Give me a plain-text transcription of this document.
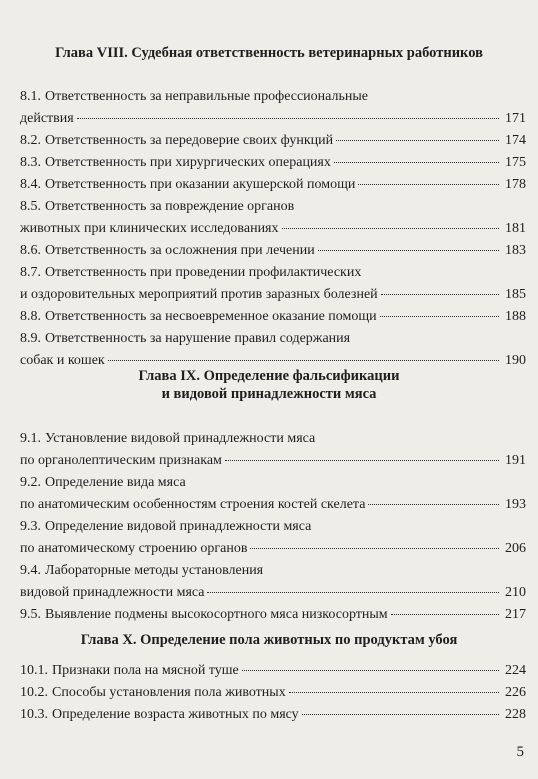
Глава VIII. Судебная ответственность ветеринарных работников
8.1. Ответственность за неправильные профессиональные
действия	171
8.2. Ответственность за передоверие своих функций	174
8.3. Ответственность при хирургических операциях	175
8.4. Ответственность при оказании акушерской помощи	178
8.5. Ответственность за повреждение органов
животных при клинических исследованиях	181
8.6. Ответственность за осложнения при лечении	183
8.7. Ответственность при проведении профилактических
и оздоровительных мероприятий против заразных болезней	185
8.8. Ответственность за несвоевременное оказание помощи	188
8.9. Ответственность за нарушение правил содержания
собак и кошек	190
Глава IX. Определение фальсификации
и видовой принадлежности мяса
9.1. Установление видовой принадлежности мяса
по органолептическим признакам	191
9.2. Определение вида мяса
по анатомическим особенностям строения костей скелета	193
9.3. Определение видовой принадлежности мяса
по анатомическому строению органов	206
9.4. Лабораторные методы установления
видовой принадлежности мяса	210
9.5. Выявление подмены высокосортного мяса низкосортным	217
Глава X. Определение пола животных по продуктам убоя
10.1. Признаки пола на мясной туше	224
10.2. Способы установления пола животных	226
10.3. Определение возраста животных по мясу	228
5
